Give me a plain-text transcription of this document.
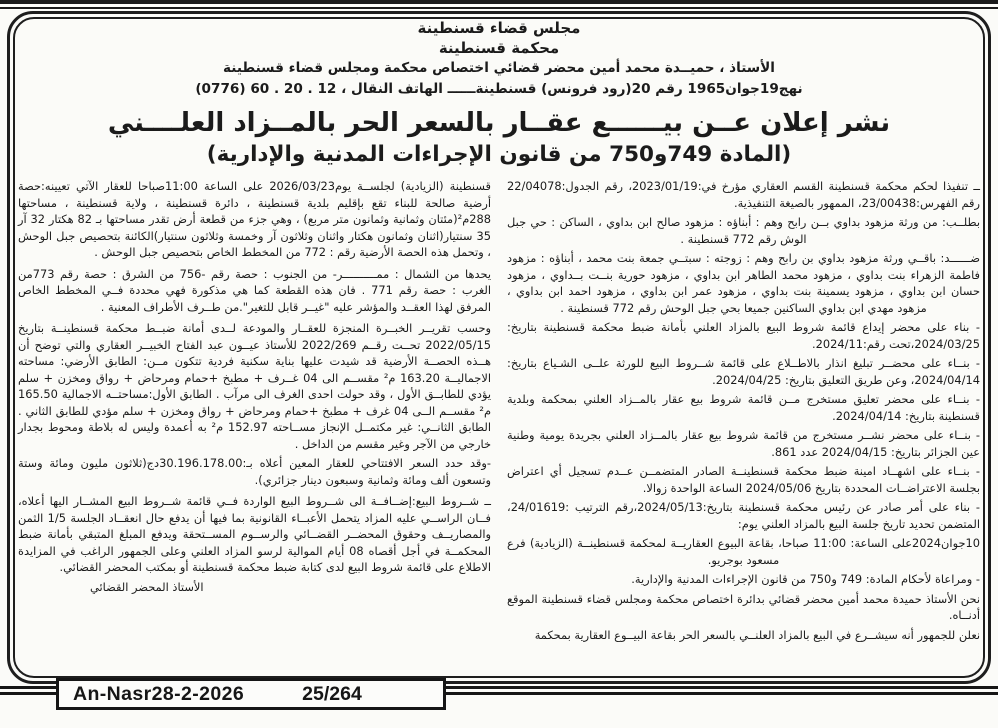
مجلس قضاء قسنطينة
محكمة قسنطينة
الأستاذ ، حميــدة محمد أمين محضر قضائي اختصاص محكمة ومجلس قضاء قسنطينة
نهج19جوان1965 رقم 20(رود فرونس) قسنطينةــــــ الهاتف النقال ، 12 . 20 . 60 (0776)
نشر إعلان عــن بيــــــع عقــار بالسعر الحر بالمــزاد العلــــني
(المادة 749و750 من قانون الإجراءات المدنية والإدارية)

ــ تنفيذا لحكم محكمة قسنطينة القسم العقاري مؤرخ في:2023/01/19، رقم الجدول:22/04078 رقم الفهرس:23/00438، الممهور بالصيغة التنفيذية.

بطلــب: من ورثة مزهود بداوي بــن رابح وهم : أبناؤه : مزهود صالح ابن بداوي ، الساكن : حي جبل الوش رقم 772 قسنطينة .

ضــــــد: باقــي ورثة مزهود بداوي بن رابح وهم : زوجته : سبتــي جمعة بنت محمد ، أبناؤه : مزهود فاطمة الزهراء بنت بداوي ، مزهود محمد الطاهر ابن بداوي ، مزهود حورية بنــت بــداوي ، مزهود حسان ابن بداوي ، مزهود يسمينة بنت بداوي ، مزهود عمر ابن بداوي ، مزهود احمد ابن بداوي ، مزهود مهدي ابن بداوي الساكنين جميعا بحي جبل الوحش رقم 772 قسنطينة .

- بناء على محضر إيداع قائمة شروط البيع بالمزاد العلني بأمانة ضبط محكمة قسنطينة بتاريخ: 2024/03/25،تحت رقم:2024/11.

- بنــاء على محضــر تبليغ انذار بالاطــلاع على قائمة شــروط البيع للورثة علــى الشـياع بتاريخ: 2024/04/14، وعن طريق التعليق بتاريخ: 2024/04/25.

- بنــاء على محضر تعليق مستخرج مــن قائمة شروط بيع عقار بالمــزاد العلني بمحكمة وبلدية قسنطينة بتاريخ: 2024/04/14.

- بنــاء على محضر نشــر مستخرج من قائمة شروط بيع عقار بالمــزاد العلني بجريدة يومية وطنية عين الجزائر بتاريخ: 2024/04/15 عدد 861.

- بنــاء على اشهــاد امينة ضبط محكمة قسنطينــة الصادر المتضمــن عــدم تسجيل أي اعتراض بجلسة الاعتراضــات المحددة بتاريخ 2024/05/06 الساعة الواحدة زوالا.

- بناء على أمر صادر عن رئيس محكمة قسنطينة بتاريخ:2024/05/13،رقم الترتيب :24/01619، المتضمن تحديد تاريخ جلسة البيع بالمزاد العلني يوم:

10جوان2024على الساعة: 11:00 صباحا، بقاعة البيوع العقاريــة لمحكمة قسنطينــة (الزيادية) فرع مسعود بوجريو.

- ومراعاة لأحكام المادة: 749 و750 من قانون الإجراءات المدنية والإدارية.

نحن الأستاذ حميدة محمد أمين محضر قضائي بدائرة اختصاص محكمة ومجلس قضاء قسنطينة الموقع أدنــاه.

نعلن للجمهور أنه سيشــرع في البيع بالمزاد العلنــي بالسعر الحر بقاعة البيــوع العقارية بمحكمة

قسنطينة (الزيادية) لجلســة يوم2026/03/23 على الساعة 11:00صباحا للعقار الآتي تعيينه:حصة أرضية صالحة للبناء تقع بإقليم بلدية قسنطينة ، دائرة قسنطينة ، ولاية قسنطينة ، مساحتها 288م²(مئتان وثمانية وثمانون متر مربع) ، وهي جزء من قطعة أرض تقدر مساحتها بـ 82 هكتار 32 آر 35 سنتيار(اثنان وثمانون هكتار واثنان وثلاثون آر وخمسة وثلاثون سنتيار)الكائنة بتحصيص جبل الوحش ، وتحمل هذه الحصة الأرضية رقم : 772 من المخطط الخاص بتحصيص جبل الوحش .

يحدها من الشمال : ممــــــــــر- من الجنوب : حصة رقم -756 من الشرق : حصة رقم 773من الغرب : حصة رقم 771 . فان هذه القطعة كما هي مذكورة فهي محددة فــي المخطط الخاص المرفق لهذا العقــد والمؤشر عليه "غيــر قابل للتغير".من طــرف الأطراف المعنية .

وحسب تقريــر الخبــرة المنجزة للعقــار والمودعة لــدى أمانة ضبــط محكمة قسنطينــة بتاريخ 2022/05/15 تحــت رقــم 2022/269 للأستاذ عيــون عبد الفتاح الخبيــر العقاري والتي توضح أن هــذه الحصــة الأرضية قد شيدت عليها بناية سكنية فردية تتكون مــن: الطابق الأرضي: مساحته الاجماليــة 163.20 م² مقســم الى 04 غــرف + مطبخ +حمام ومرحاض + رواق ومخزن + سلم يؤدي للطابــق الأول ، وقد حولت احدى الغرف الى مرآب . الطابق الأول:مساحتــه الاجمالية 165.50 م² مقســم الــى 04 غرف + مطبخ +حمام ومرحاض + رواق ومخزن + سلم مؤدي للطابق الثاني . الطابق الثانــي: غير مكتمــل الإنجاز مســاحته 152.97 م² به أعمدة وليس له بلاطة ومحوط بجدار خارجي من الآجر وغير مقسم من الداخل .

-وقد حدد السعر الافتتاحي للعقار المعين أعلاه بـ:30.196.178.00دج(ثلاثون مليون ومائة وستة وتسعون ألف ومائة وثمانية وسبعون دينار جزائري).

ــ شــروط البيع:إضــافــة الى شــروط البيع الواردة فــي قائمة شــروط البيع المشــار اليها أعلاه، فــان الراســي عليه المزاد يتحمل الأعبــاء القانونية بما فيها أن يدفع حال انعقــاد الجلسة 1/5 الثمن والمصاريــف وحقوق المحضــر القضــائي والرســوم المســتحقة ويدفع المبلغ المتبقي بأمانة ضبط المحكمــة في أجل أقصاه 08 أيام الموالية لرسو المزاد العلني وعلى الجمهور الراغب في المزايدة الاطلاع على قائمة شروط البيع لدى كتابة ضبط محكمة قسنطينة أو بمكتب المحضر القضائي.

الأستاذ المحضر القضائي

An-Nasr28-2-2026	25/264
